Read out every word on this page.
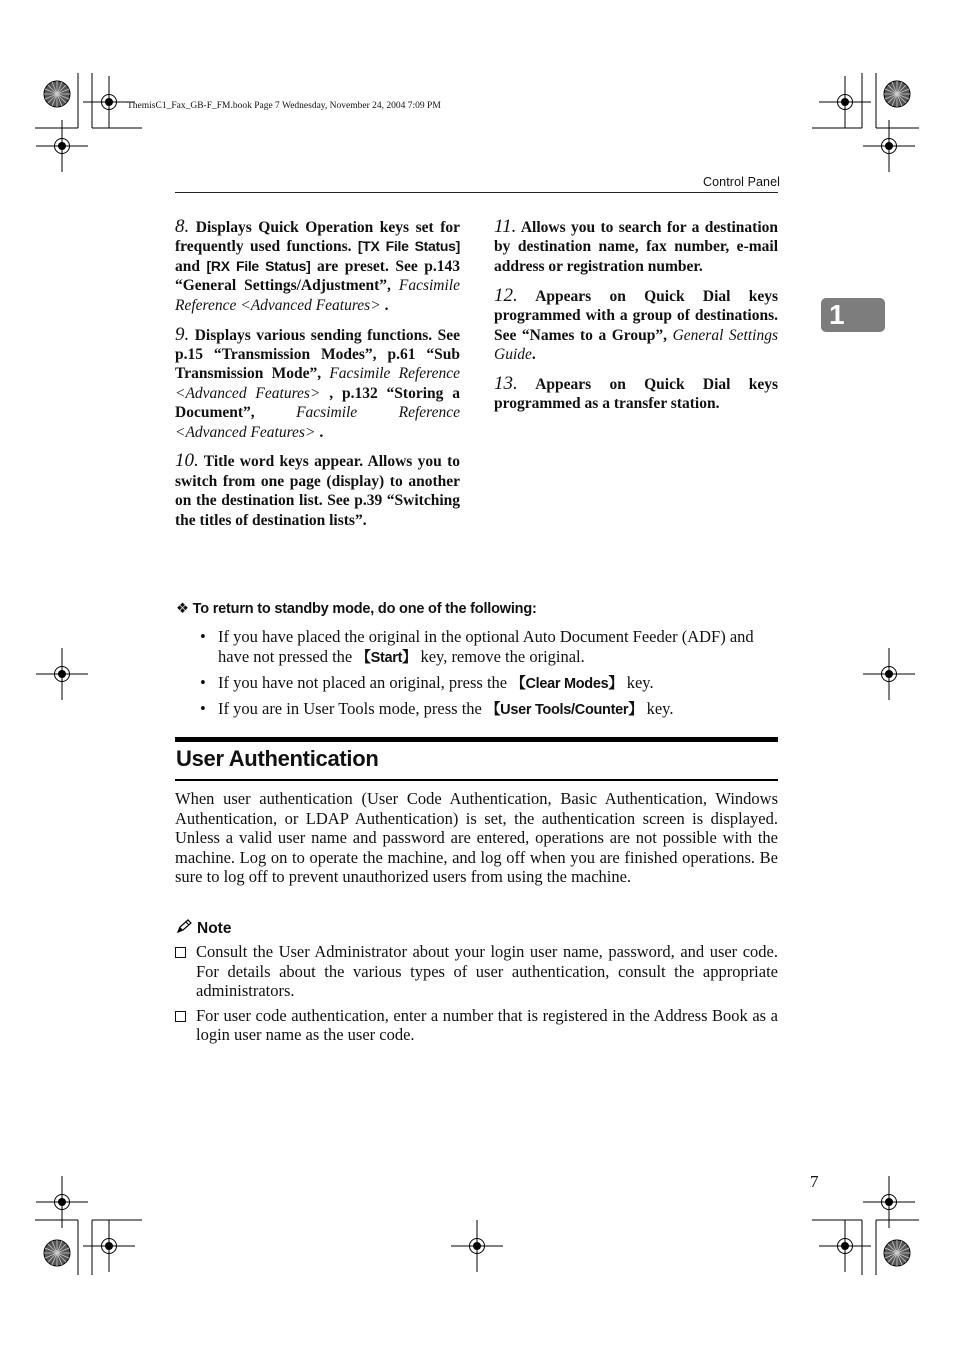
ThemisC1_Fax_GB-F_FM.book Page 7 Wednesday, November 24, 2004 7:09 PM
Control Panel
1

8. Displays Quick Operation keys set for frequently used functions. [TX File Status] and [RX File Status] are preset. See p.143 “General Settings/Adjustment”, Facsimile Reference <Advanced Features> .

9. Displays various sending functions. See p.15 “Transmission Modes”, p.61 “Sub Transmission Mode”, Facsimile Reference <Advanced Features> , p.132 “Storing a Document”, Facsimile Reference <Advanced Features> .

10. Title word keys appear. Allows you to switch from one page (display) to another on the destination list. See p.39 “Switching the titles of destination lists”.

11. Allows you to search for a destination by destination name, fax number, e-mail address or registration number.

12. Appears on Quick Dial keys programmed with a group of destinations. See “Names to a Group”, General Settings Guide.

13. Appears on Quick Dial keys programmed as a transfer station.

❖ To return to standby mode, do one of the following:
• If you have placed the original in the optional Auto Document Feeder (ADF) and have not pressed the 【Start】 key, remove the original.
• If you have not placed an original, press the 【Clear Modes】 key.
• If you are in User Tools mode, press the 【User Tools/Counter】 key.
User Authentication

When user authentication (User Code Authentication, Basic Authentication, Windows Authentication, or LDAP Authentication) is set, the authentication screen is displayed. Unless a valid user name and password are entered, operations are not possible with the machine. Log on to operate the machine, and log off when you are finished operations. Be sure to log off to prevent unauthorized users from using the machine.

Note
Consult the User Administrator about your login user name, password, and user code. For details about the various types of user authentication, consult the appropriate administrators.
For user code authentication, enter a number that is registered in the Address Book as a login user name as the user code.
7
